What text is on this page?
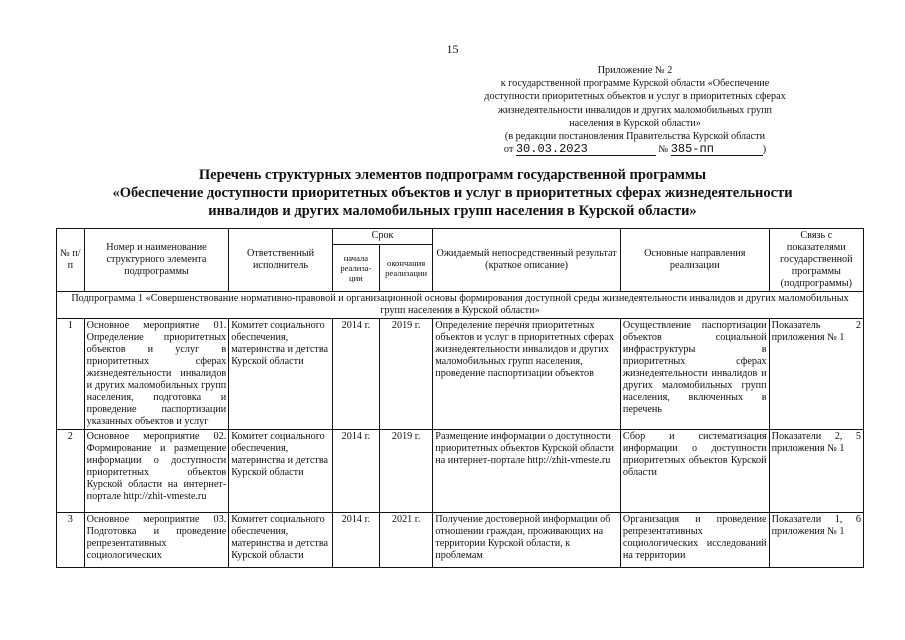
15
Приложение № 2
к государственной программе Курской области «Обеспечение
доступности приоритетных объектов и услуг в приоритетных сферах
жизнедеятельности инвалидов и других маломобильных групп
населения в Курской области»
(в редакции постановления Правительства Курской области
от 30.03.2023	№ 385-пп	)
Перечень структурных элементов подпрограмм государственной программы
«Обеспечение доступности приоритетных объектов и услуг в приоритетных сферах жизнедеятельности
инвалидов и других маломобильных групп населения в Курской области»
№ п/п	Номер и наименование структурного элемента подпрограммы	Ответственный исполнитель	Срок		Ожидаемый непосредственный результат (краткое описание)	Основные направления реализации	Связь с показателями государственной программы (подпрограммы)
			начала реализа-ции	окончания реализации			
Подпрограмма 1 «Совершенствование нормативно-правовой и организационной основы формирования доступной среды жизнедеятельности инвалидов и других маломобильных групп населения в Курской области»							
1	Основное мероприятие 01. Определение приоритетных объектов и услуг в приоритетных сферах жизнедеятельности инвалидов и других маломобильных групп населения, подготовка и проведение паспортизации указанных объектов и услуг	Комитет социального обеспечения, материнства и детства Курской области	2014 г.	2019 г.	Определение перечня приоритетных объектов и услуг в приоритетных сферах жизнедеятельности инвалидов и других маломобильных групп населения, проведение паспортизации объектов	Осуществление паспортизации объектов социальной инфраструктуры в приоритетных сферах жизнедеятельности инвалидов и других маломобильных групп населения, включенных в перечень	Показатель 2 приложения № 1
2	Основное мероприятие 02. Формирование и размещение информации о доступности приоритетных объектов Курской области на интернет-портале http://zhit-vmeste.ru	Комитет социального обеспечения, материнства и детства Курской области	2014 г.	2019 г.	Размещение информации о доступности приоритетных объектов Курской области на интернет-портале http://zhit-vmeste.ru	Сбор и систематизация информации о доступности приоритетных объектов Курской области	Показатели 2, 5 приложения № 1
3	Основное мероприятие 03. Подготовка и проведение репрезентативных социологических	Комитет социального обеспечения, материнства и детства Курской области	2014 г.	2021 г.	Получение достоверной информации об отношении граждан, проживающих на территории Курской области, к проблемам	Организация и проведение репрезентативных социологических исследований на территории	Показатели 1, 6 приложения № 1
